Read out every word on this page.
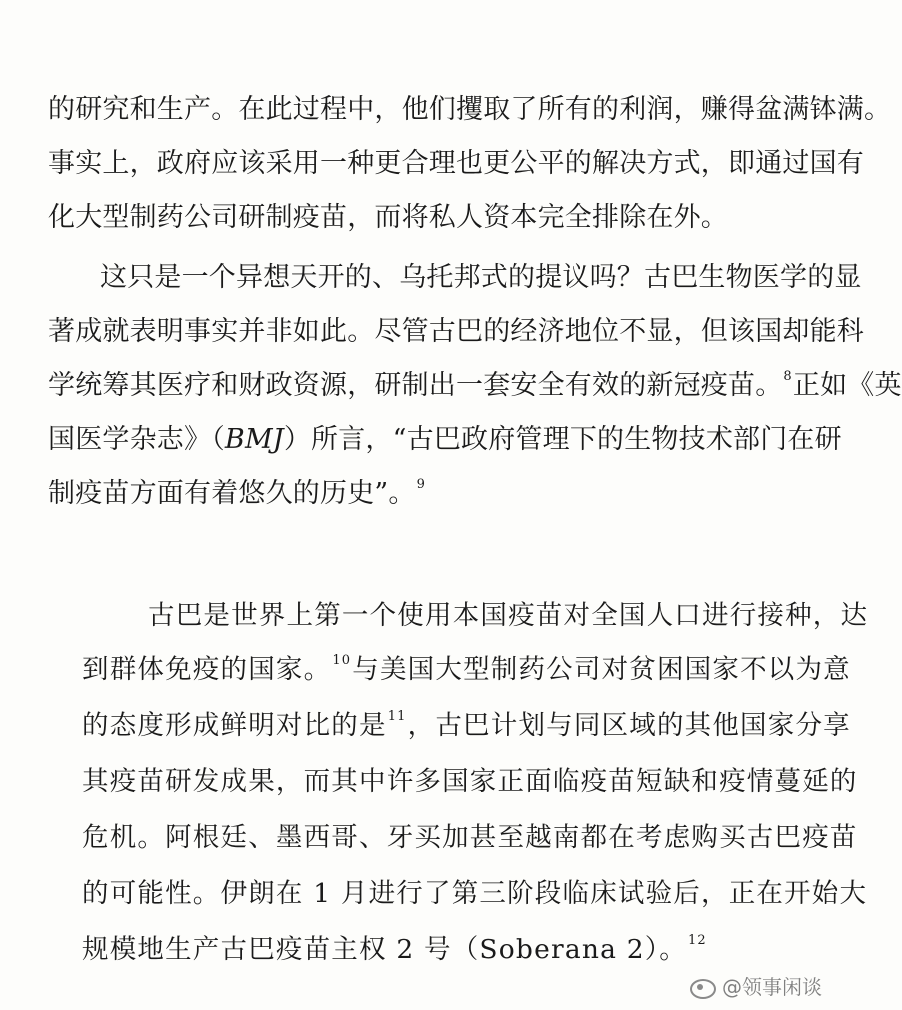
的研究和生产。在此过程中，他们攫取了所有的利润，赚得盆满钵满。
事实上，政府应该采用一种更合理也更公平的解决方式，即通过国有
化大型制药公司研制疫苗，而将私人资本完全排除在外。
这只是一个异想天开的、乌托邦式的提议吗？古巴生物医学的显
著成就表明事实并非如此。尽管古巴的经济地位不显，但该国却能科
学统筹其医疗和财政资源，研制出一套安全有效的新冠疫苗。$^8$正如《英
国医学杂志》（BMJ）所言，“古巴政府管理下的生物技术部门在研
制疫苗方面有着悠久的历史”。$^9$
古巴是世界上第一个使用本国疫苗对全国人口进行接种，达
到群体免疫的国家。$^{10}$与美国大型制药公司对贫困国家不以为意
的态度形成鲜明对比的是$^{11}$，古巴计划与同区域的其他国家分享
其疫苗研发成果，而其中许多国家正面临疫苗短缺和疫情蔓延的
危机。阿根廷、墨西哥、牙买加甚至越南都在考虑购买古巴疫苗
的可能性。伊朗在 1 月进行了第三阶段临床试验后，正在开始大
规模地生产古巴疫苗主权 2 号（Soberana 2）。$^{12}$
@领事闲谈
